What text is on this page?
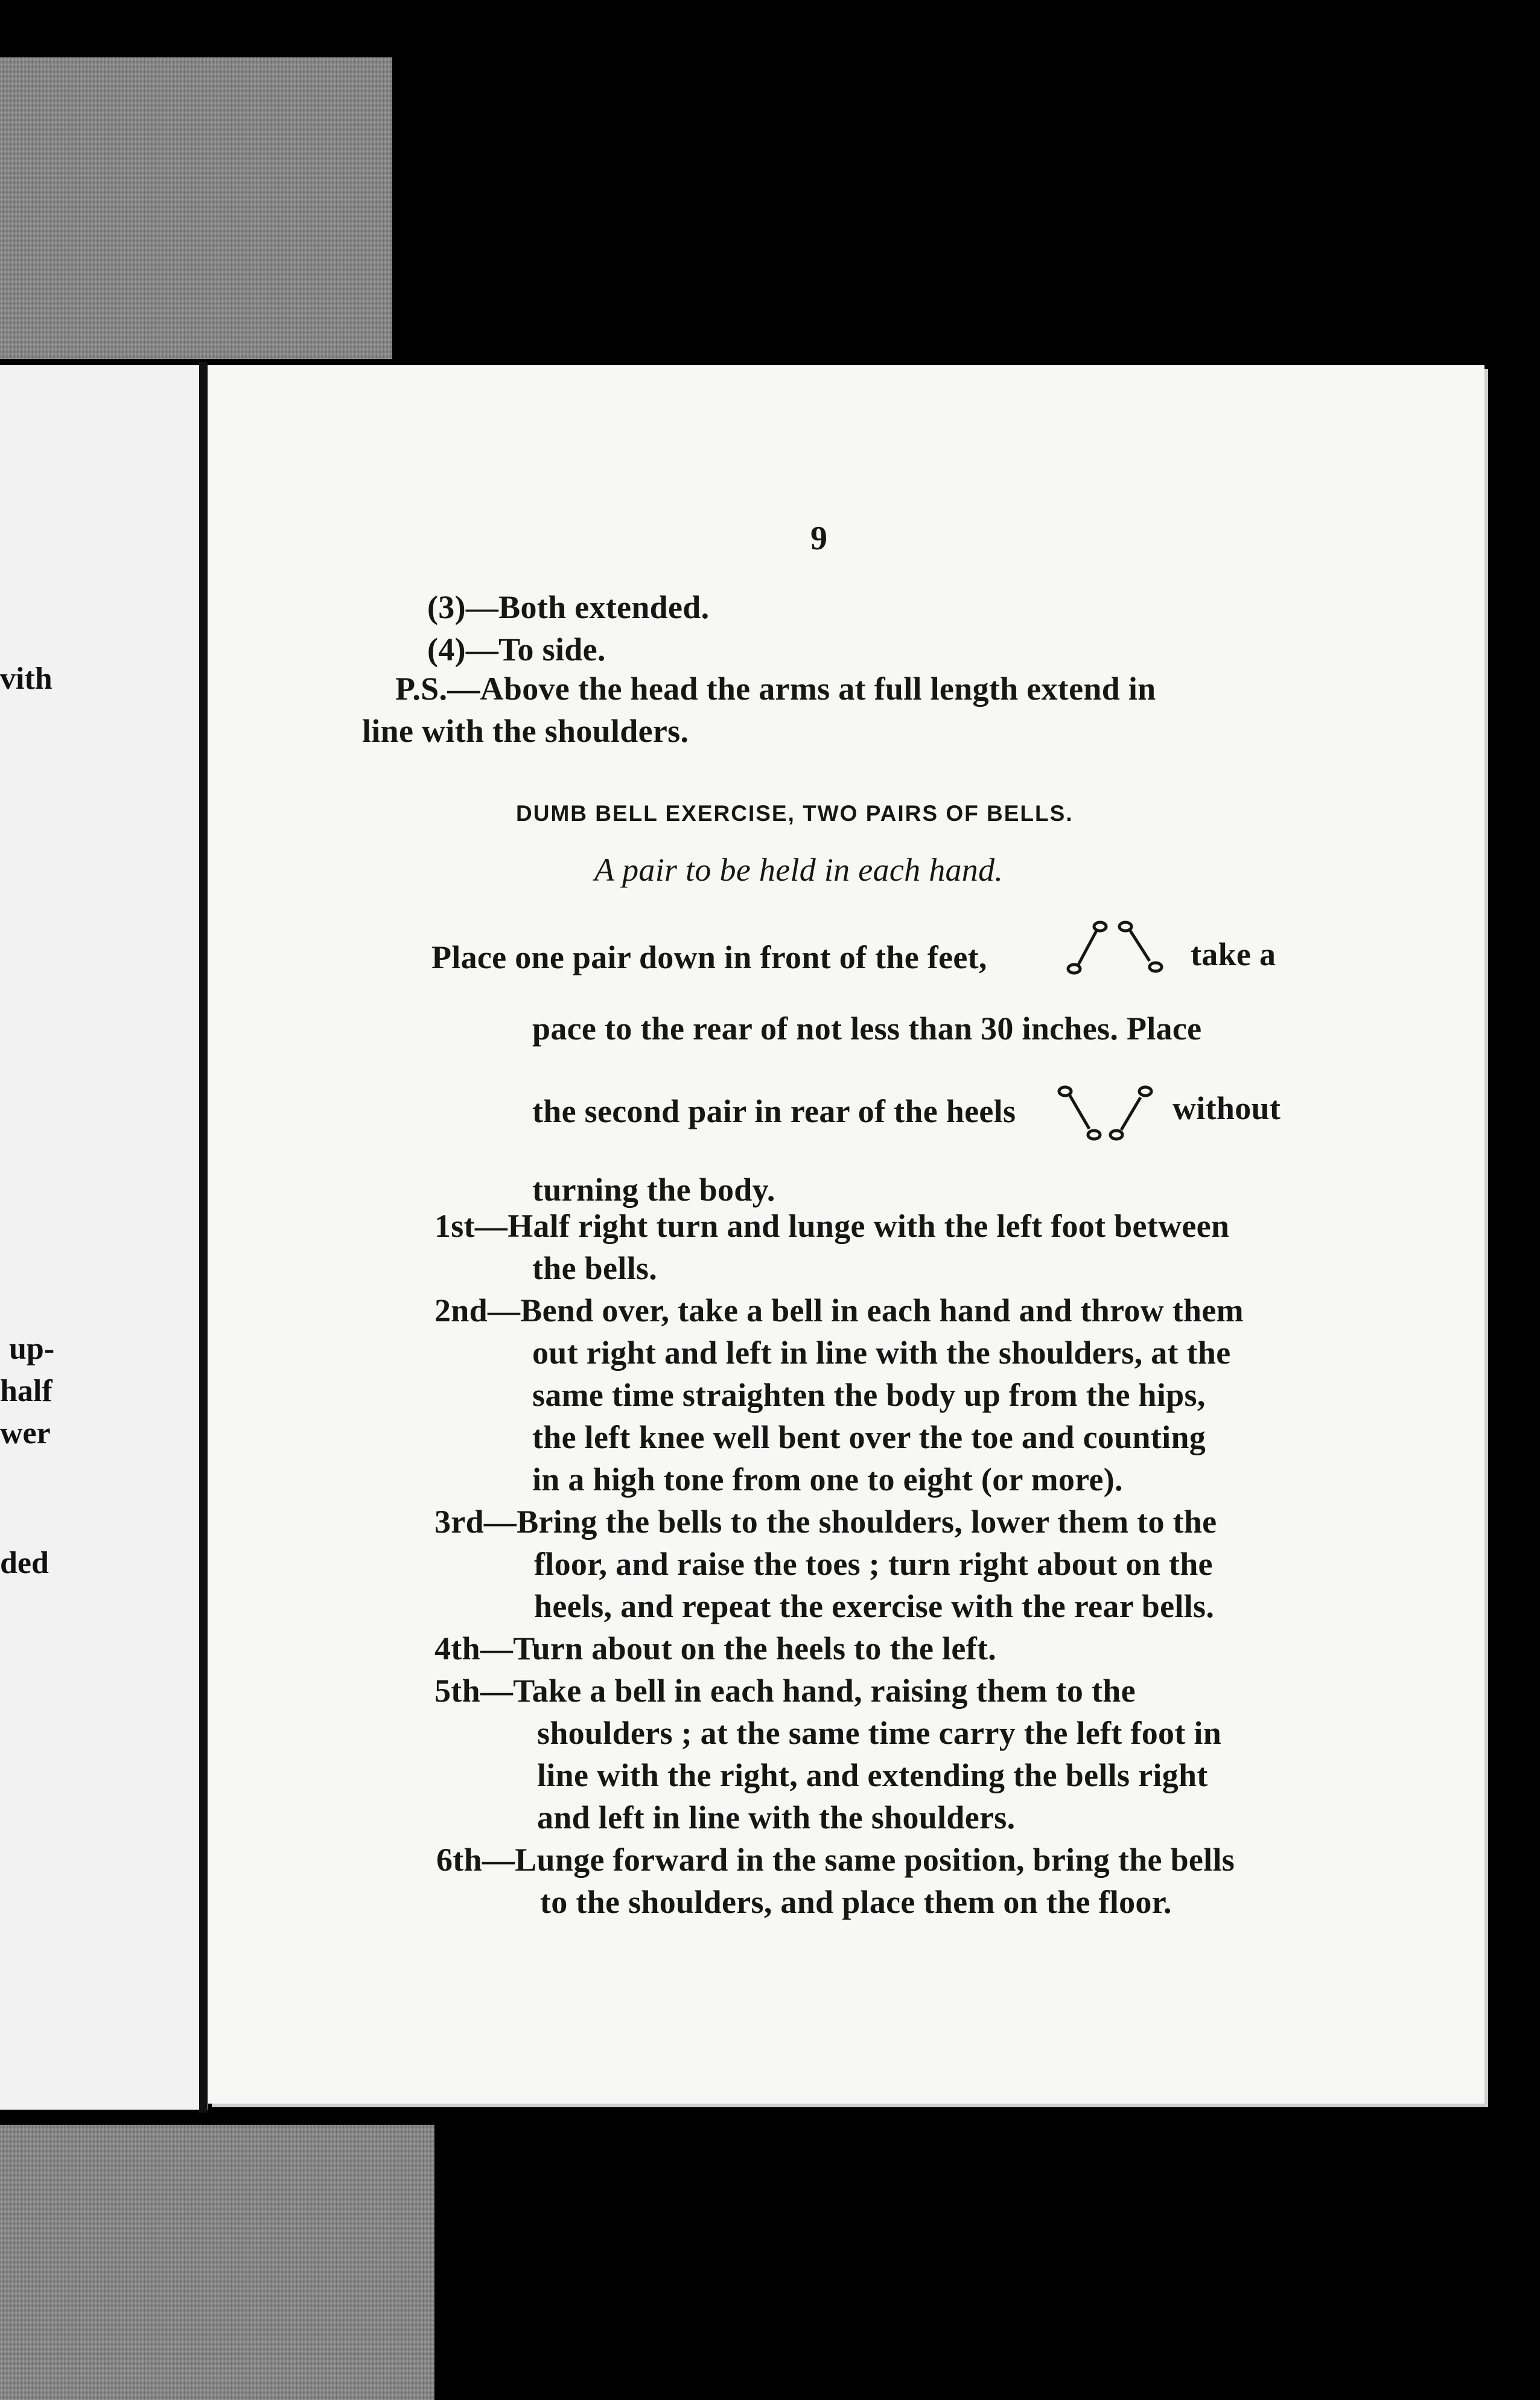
vith
up-
half
wer
ded
9
(3)—Both extended.
(4)—To side.
P.S.—Above the head the arms at full length extend in
line with the shoulders.
DUMB BELL EXERCISE, TWO PAIRS OF BELLS.
A pair to be held in each hand.
Place one pair down in front of the feet,	take a
pace to the rear of not less than 30 inches. Place
the second pair in rear of the heels	without
turning the body.
1st—Half right turn and lunge with the left foot between
the bells.
2nd—Bend over, take a bell in each hand and throw them
out right and left in line with the shoulders, at the
same time straighten the body up from the hips,
the left knee well bent over the toe and counting
in a high tone from one to eight (or more).
3rd—Bring the bells to the shoulders, lower them to the
floor, and raise the toes ; turn right about on the
heels, and repeat the exercise with the rear bells.
4th—Turn about on the heels to the left.
5th—Take a bell in each hand, raising them to the
shoulders ; at the same time carry the left foot in
line with the right, and extending the bells right
and left in line with the shoulders.
6th—Lunge forward in the same position, bring the bells
to the shoulders, and place them on the floor.
